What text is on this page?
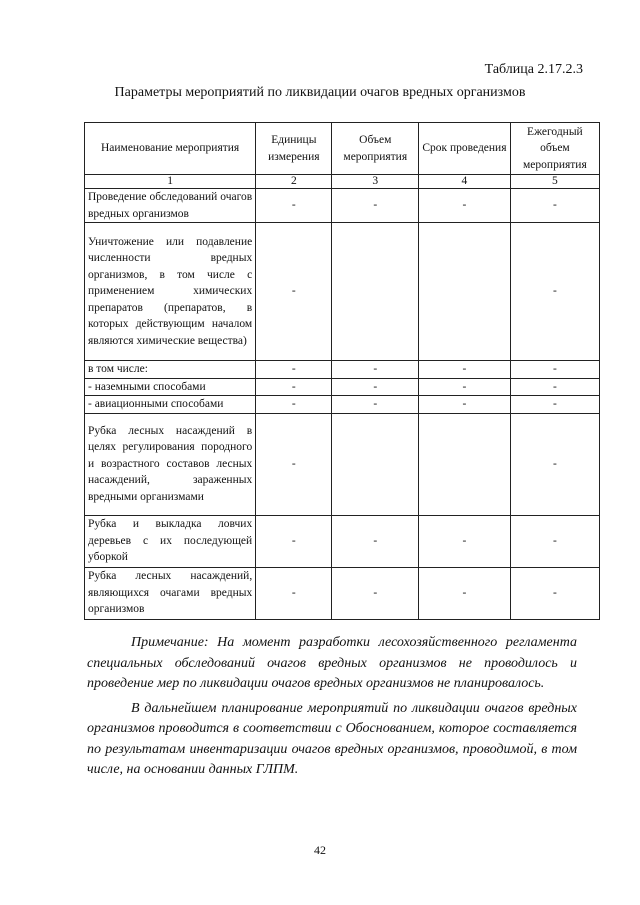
Таблица 2.17.2.3
Параметры мероприятий по ликвидации очагов вредных организмов
Наименование мероприятия	Единицы измерения	Объем мероприятия	Срок проведения	Ежегодный объем мероприятия
1	2	3	4	5
Проведение обследований очагов вредных организмов	-	-	-	-
Уничтожение или подавление численности вредных организмов, в том числе с применением химических препаратов (препаратов, в которых действующим началом являются химические вещества)	-			-
в том числе:	-	-	-	-
- наземными способами	-	-	-	-
- авиационными способами	-	-	-	-
Рубка лесных насаждений в целях регулирования породного и возрастного составов лесных насаждений, зараженных вредными организмами	-			-
Рубка и выкладка ловчих деревьев с их последующей уборкой	-	-	-	-
Рубка лесных насаждений, являющихся очагами вредных организмов	-	-	-	-

Примечание: На момент разработки лесохозяйственного регламента специальных обследований очагов вредных организмов не проводилось и проведение мер по ликвидации очагов вредных организмов не планировалось.

В дальнейшем планирование мероприятий по ликвидации очагов вредных организмов проводится в соответствии с Обоснованием, которое составляется по результатам инвентаризации очагов вредных организмов, проводимой, в том числе, на основании данных ГЛПМ.

42
